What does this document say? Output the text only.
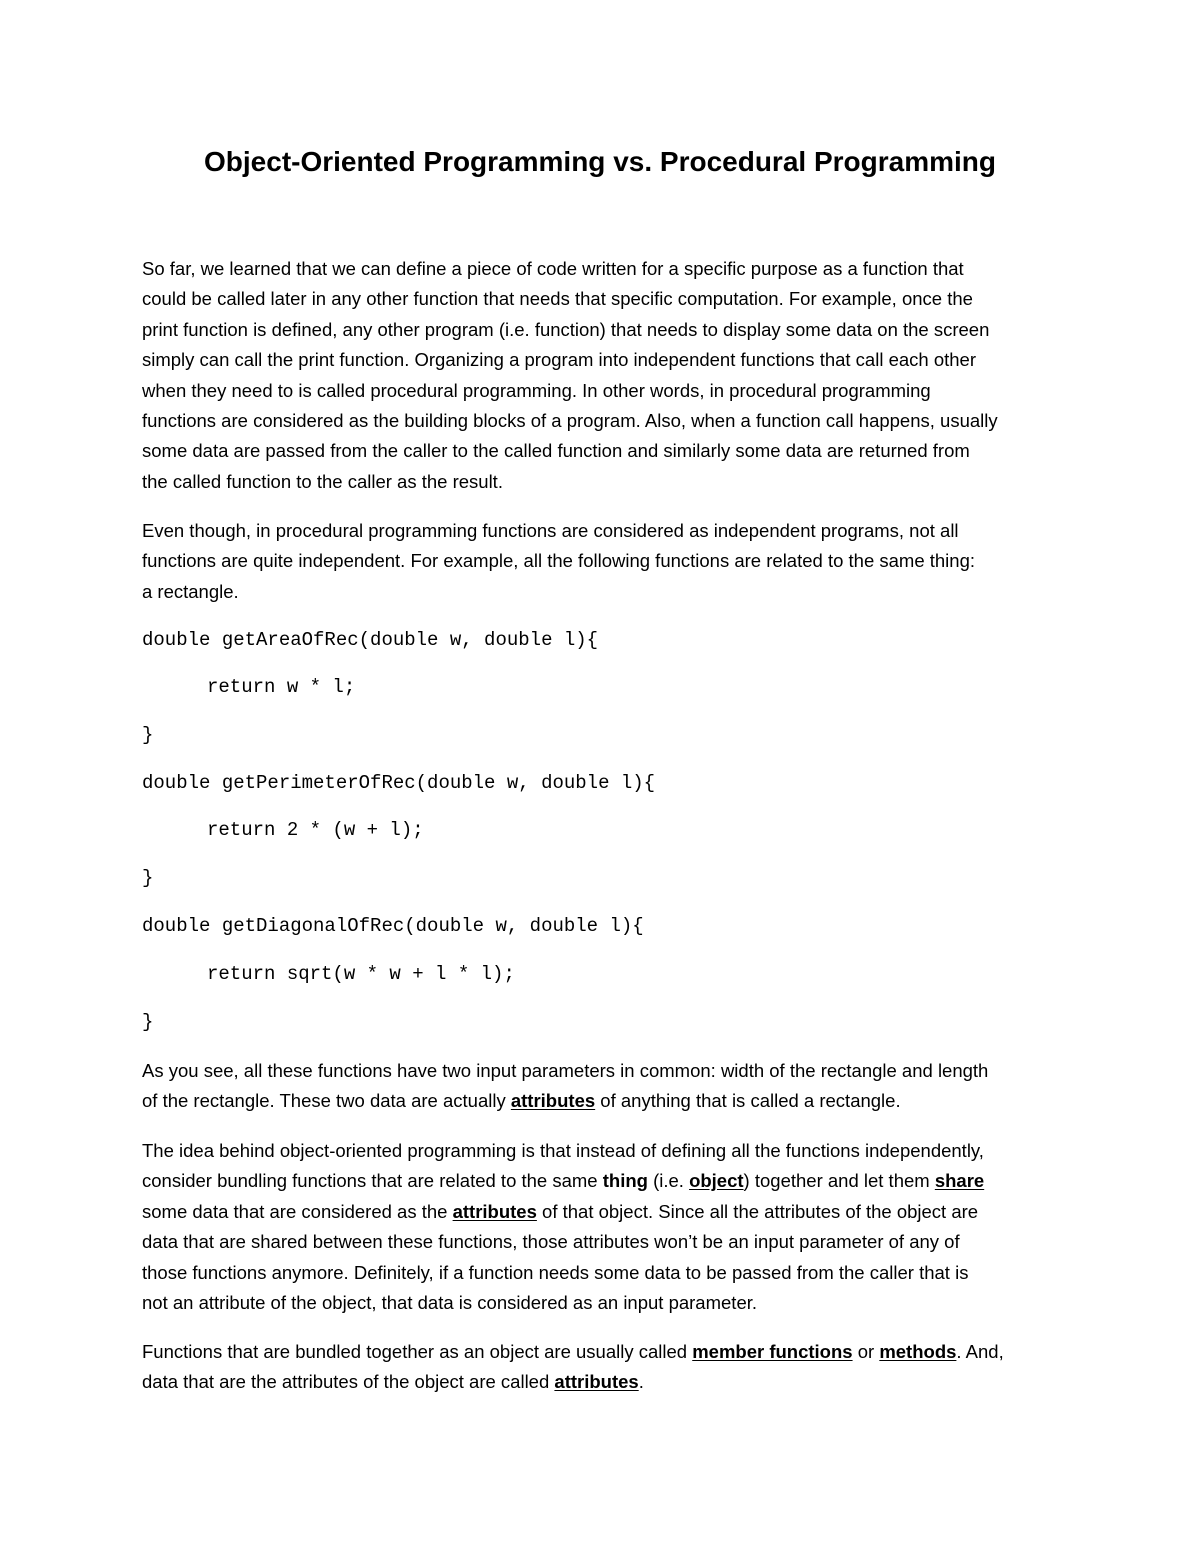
Object-Oriented Programming vs. Procedural Programming

So far, we learned that we can define a piece of code written for a specific purpose as a function that
could be called later in any other function that needs that specific computation. For example, once the
print function is defined, any other program (i.e. function) that needs to display some data on the screen
simply can call the print function. Organizing a program into independent functions that call each other
when they need to is called procedural programming. In other words, in procedural programming
functions are considered as the building blocks of a program. Also, when a function call happens, usually
some data are passed from the caller to the called function and similarly some data are returned from
the called function to the caller as the result.

Even though, in procedural programming functions are considered as independent programs, not all
functions are quite independent. For example, all the following functions are related to the same thing:
a rectangle.

double getAreaOfRec(double w, double l){
return w * l;
}
double getPerimeterOfRec(double w, double l){
return 2 * (w + l);
}
double getDiagonalOfRec(double w, double l){
return sqrt(w * w + l * l);
}

As you see, all these functions have two input parameters in common: width of the rectangle and length
of the rectangle. These two data are actually attributes of anything that is called a rectangle.

The idea behind object-oriented programming is that instead of defining all the functions independently,
consider bundling functions that are related to the same thing (i.e. object) together and let them share
some data that are considered as the attributes of that object. Since all the attributes of the object are
data that are shared between these functions, those attributes won’t be an input parameter of any of
those functions anymore. Definitely, if a function needs some data to be passed from the caller that is
not an attribute of the object, that data is considered as an input parameter.

Functions that are bundled together as an object are usually called member functions or methods. And,
data that are the attributes of the object are called attributes.
